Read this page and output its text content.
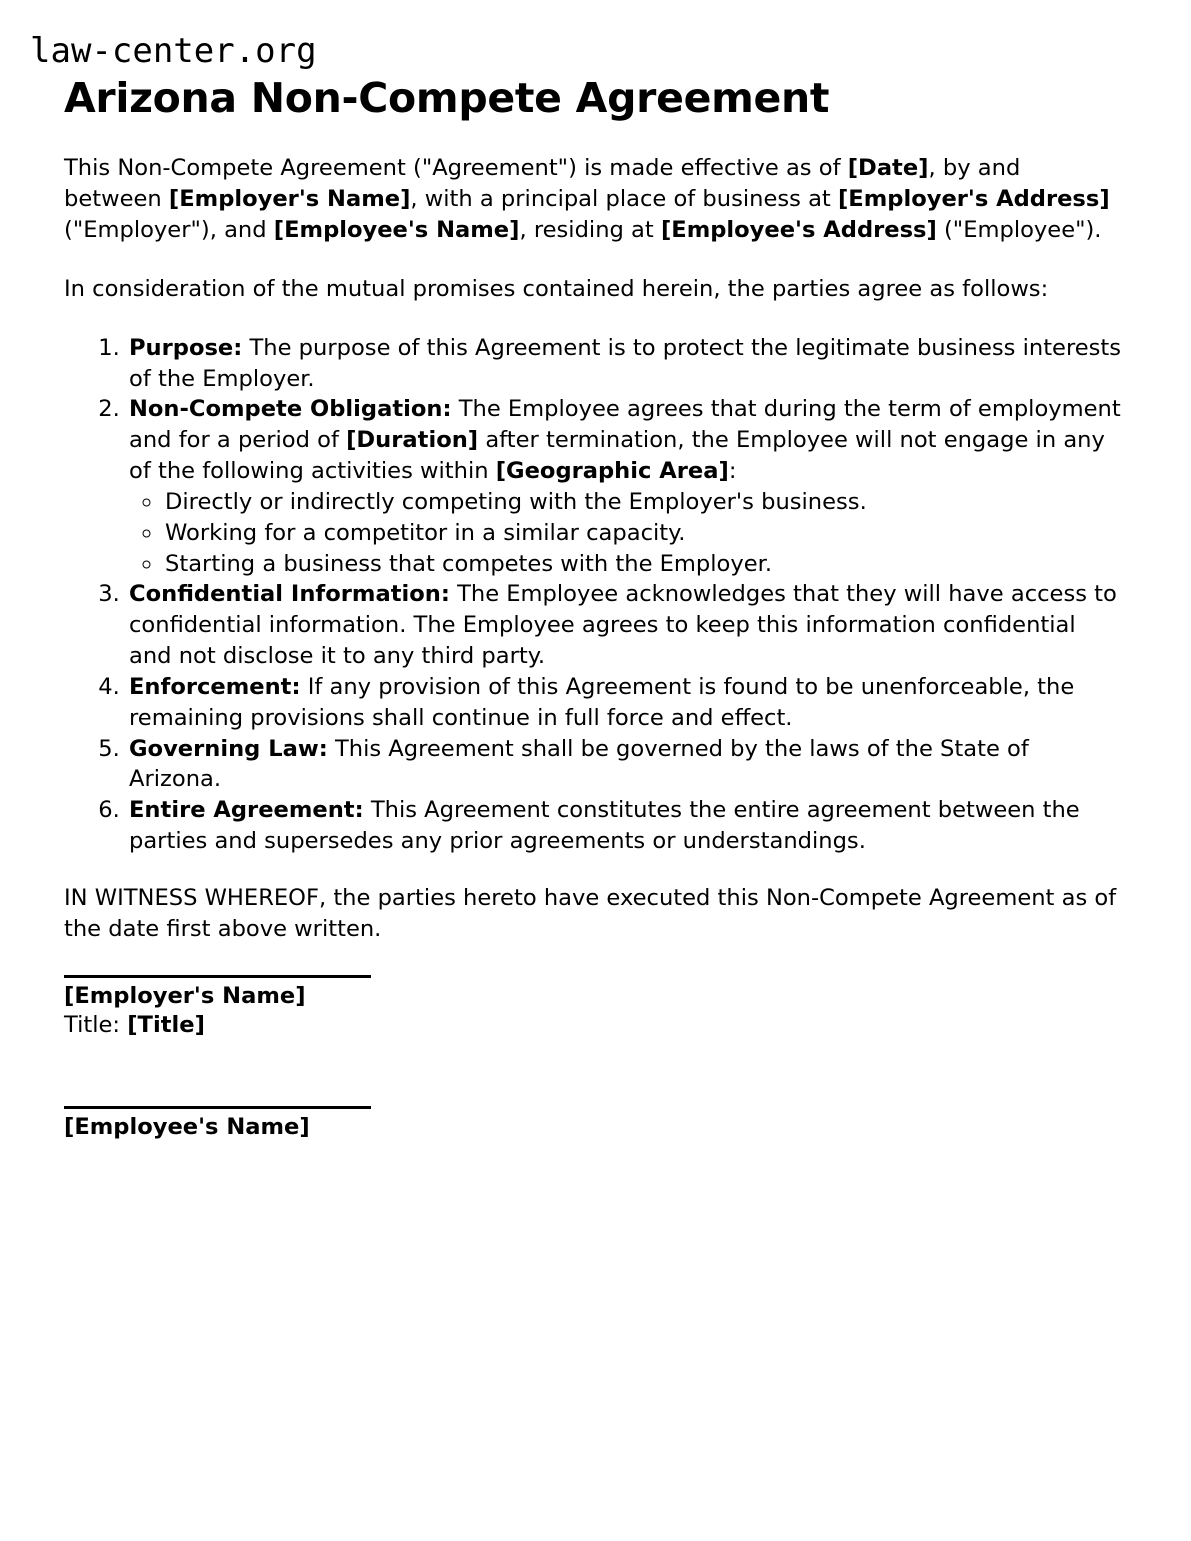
law-center.org
Arizona Non-Compete Agreement

This Non-Compete Agreement ("Agreement") is made effective as of [Date], by and between [Employer's Name], with a principal place of business at [Employer's Address] ("Employer"), and [Employee's Name], residing at [Employee's Address] ("Employee").

In consideration of the mutual promises contained herein, the parties agree as follows:

1. Purpose: The purpose of this Agreement is to protect the legitimate business interests of the Employer.
2. Non-Compete Obligation: The Employee agrees that during the term of employment and for a period of [Duration] after termination, the Employee will not engage in any of the following activities within [Geographic Area]:
◦ Directly or indirectly competing with the Employer's business.
◦ Working for a competitor in a similar capacity.
◦ Starting a business that competes with the Employer.
3. Confidential Information: The Employee acknowledges that they will have access to confidential information. The Employee agrees to keep this information confidential and not disclose it to any third party.
4. Enforcement: If any provision of this Agreement is found to be unenforceable, the remaining provisions shall continue in full force and effect.
5. Governing Law: This Agreement shall be governed by the laws of the State of Arizona.
6. Entire Agreement: This Agreement constitutes the entire agreement between the parties and supersedes any prior agreements or understandings.

IN WITNESS WHEREOF, the parties hereto have executed this Non-Compete Agreement as of the date first above written.

[Employer's Name]
Title: [Title]
[Employee's Name]
